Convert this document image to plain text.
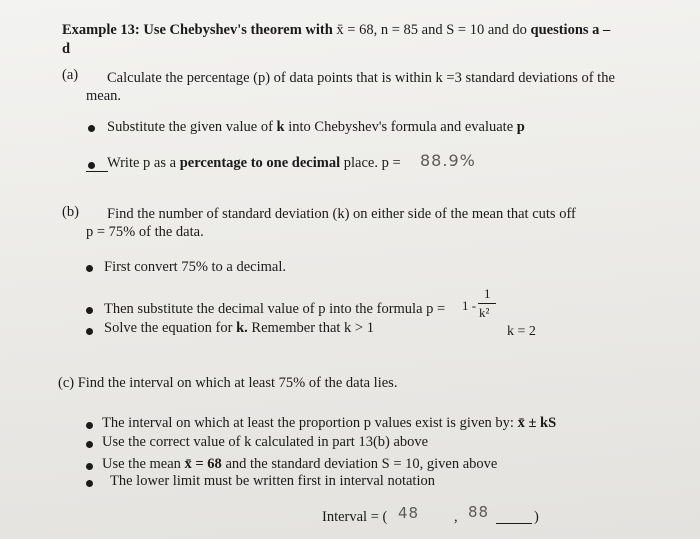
Example 13: Use Chebyshev's theorem with x̄ = 68, n = 85 and S = 10 and do questions a –
d
(a) Calculate the percentage (p) of data points that is within k =3 standard deviations of the
mean.
Substitute the given value of k into Chebyshev's formula and evaluate p
Write p as a percentage to one decimal place. p = 88.9%
(b) Find the number of standard deviation (k) on either side of the mean that cuts off
p = 75% of the data.
First convert 75% to a decimal.
Then substitute the decimal value of p into the formula p = 1 -
1
k²
Solve the equation for k. Remember that k > 1	k = 2
(c) Find the interval on which at least 75% of the data lies.
The interval on which at least the proportion p values exist is given by: x̄ ± kS
Use the correct value of k calculated in part 13(b) above
Use the mean x̄ = 68 and the standard deviation S = 10, given above
The lower limit must be written first in interval notation
Interval = ( 48 , 88	)
